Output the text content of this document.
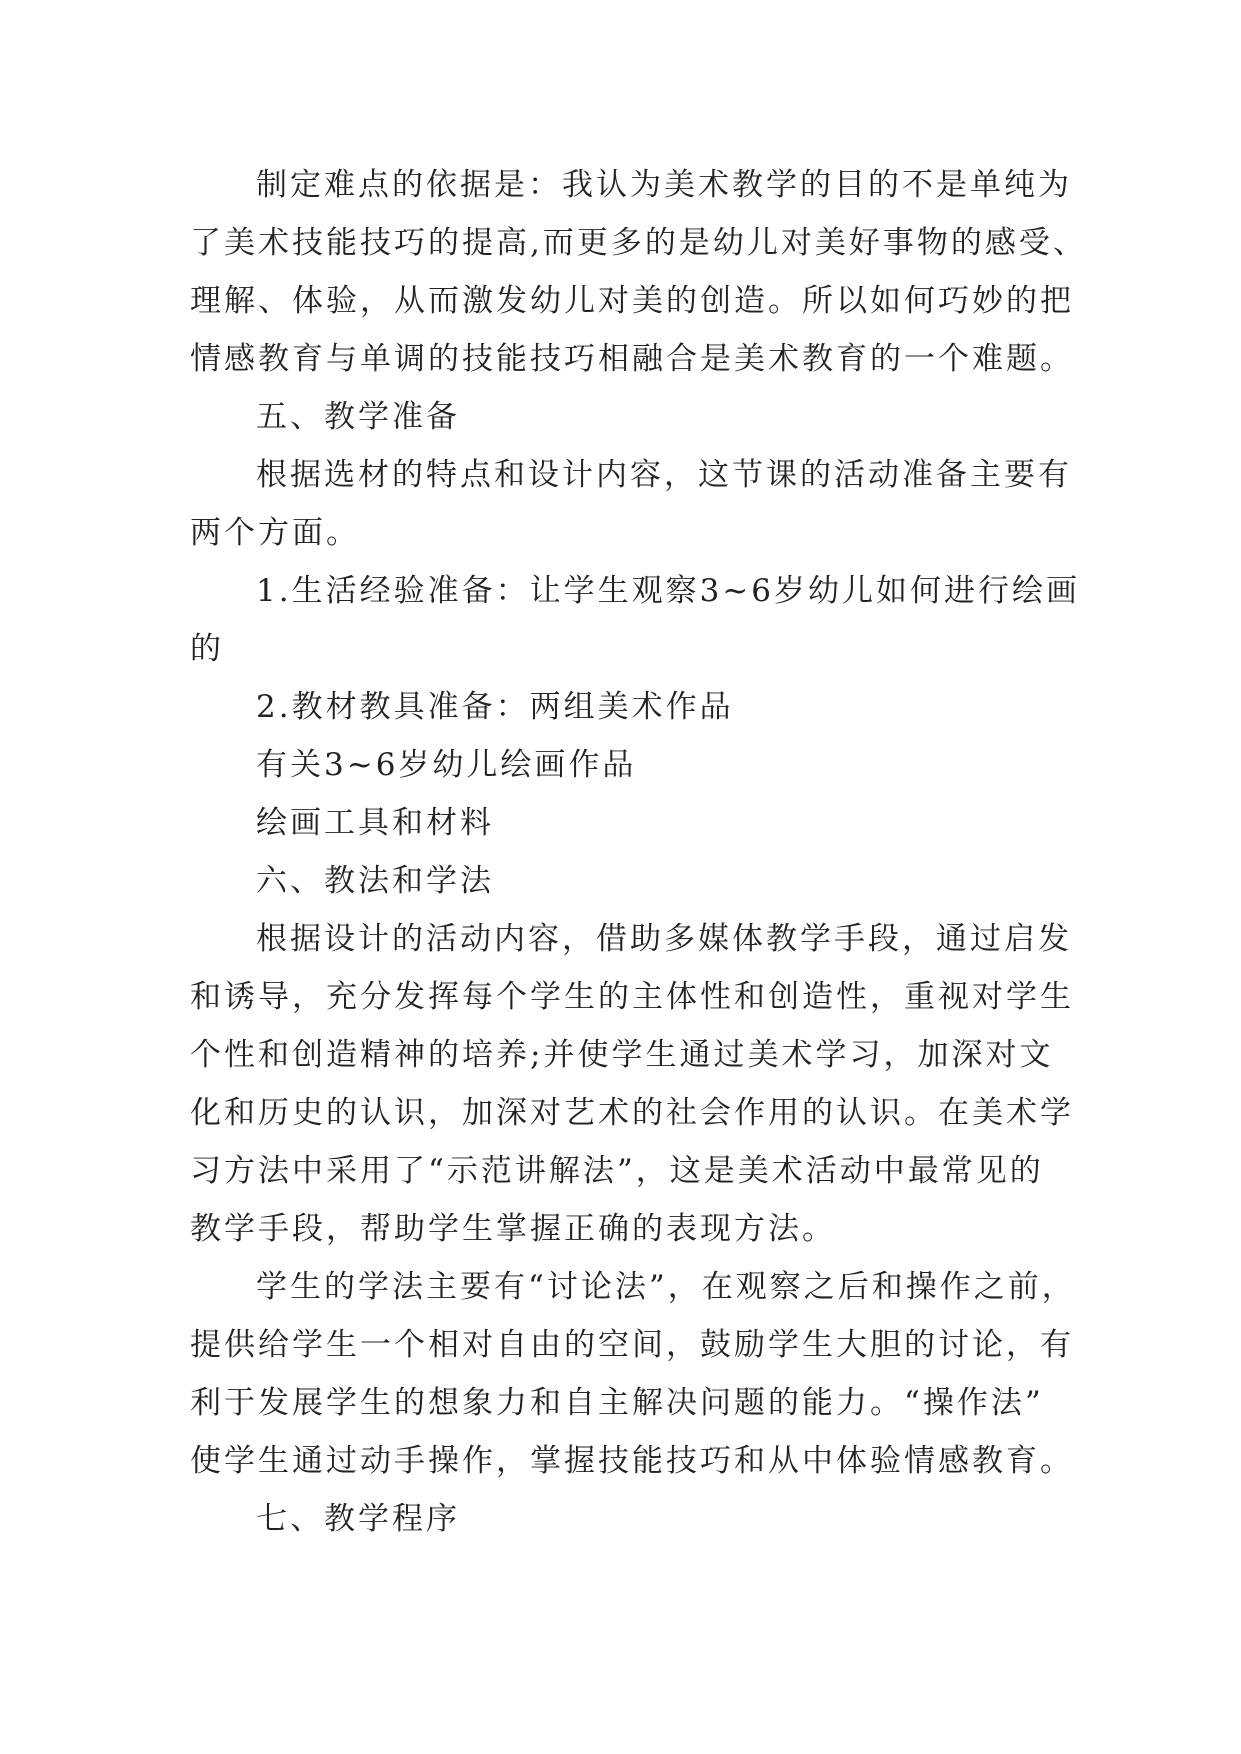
制定难点的依据是：我认为美术教学的目的不是单纯为
了美术技能技巧的提高,而更多的是幼儿对美好事物的感受、
理解、体验，从而激发幼儿对美的创造。所以如何巧妙的把
情感教育与单调的技能技巧相融合是美术教育的一个难题。
五、教学准备
根据选材的特点和设计内容，这节课的活动准备主要有
两个方面。
1.生活经验准备：让学生观察3~6岁幼儿如何进行绘画
的
2.教材教具准备：两组美术作品
有关3~6岁幼儿绘画作品
绘画工具和材料
六、教法和学法
根据设计的活动内容，借助多媒体教学手段，通过启发
和诱导，充分发挥每个学生的主体性和创造性，重视对学生
个性和创造精神的培养;并使学生通过美术学习，加深对文
化和历史的认识，加深对艺术的社会作用的认识。在美术学
习方法中采用了“示范讲解法”，这是美术活动中最常见的
教学手段，帮助学生掌握正确的表现方法。
学生的学法主要有“讨论法”，在观察之后和操作之前，
提供给学生一个相对自由的空间，鼓励学生大胆的讨论，有
利于发展学生的想象力和自主解决问题的能力。“操作法”
使学生通过动手操作，掌握技能技巧和从中体验情感教育。
七、教学程序
